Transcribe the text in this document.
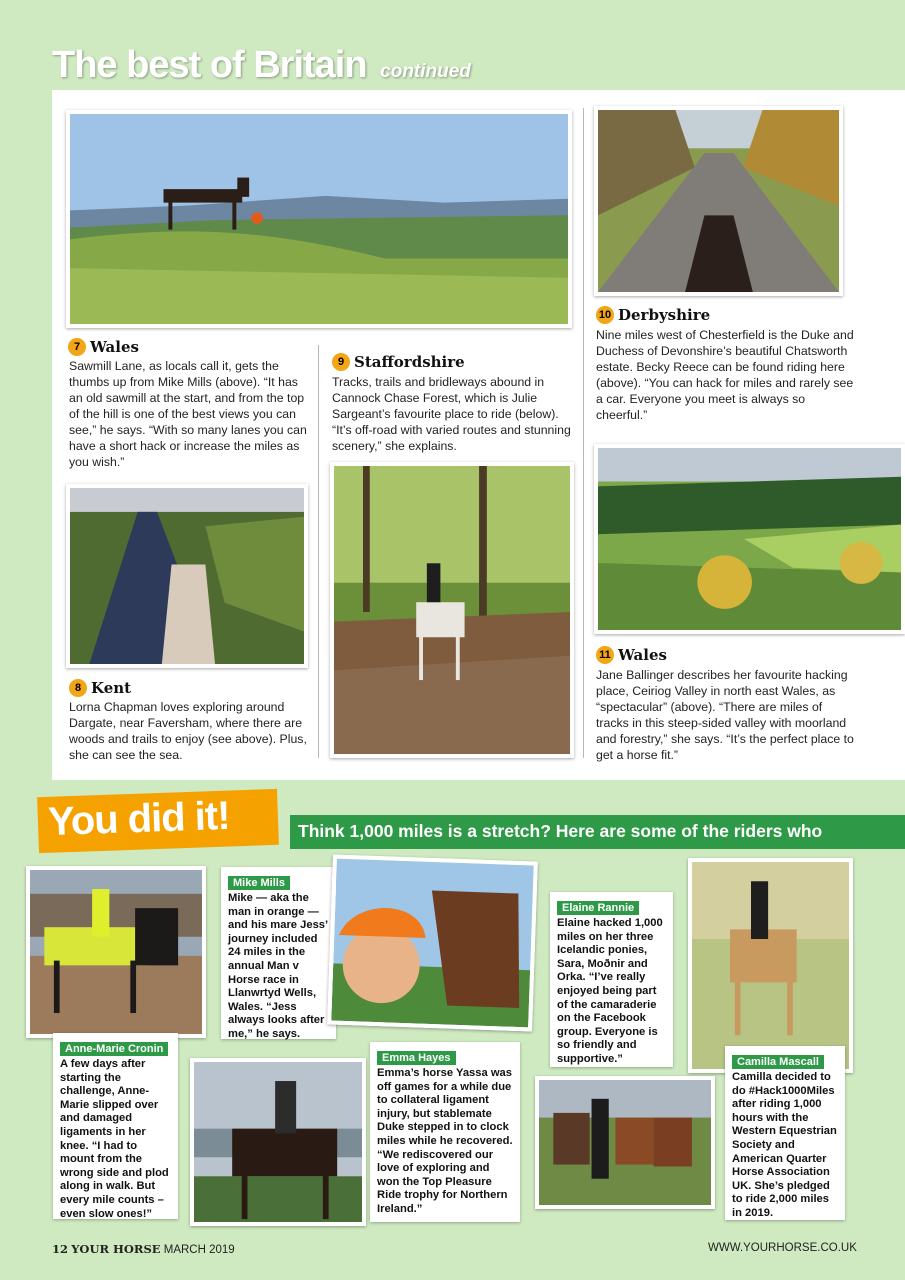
The best of Britain continued
7 Wales

Sawmill Lane, as locals call it, gets the thumbs up from Mike Mills (above). “It has an old sawmill at the start, and from the top of the hill is one of the best views you can see,” he says. “With so many lanes you can have a short hack or increase the miles as you wish.”

9 Staffordshire

Tracks, trails and bridleways abound in Cannock Chase Forest, which is Julie Sargeant’s favourite place to ride (below). “It’s off-road with varied routes and stunning scenery,” she explains.

10 Derbyshire

Nine miles west of Chesterfield is the Duke and Duchess of Devonshire’s beautiful Chatsworth estate. Becky Reece can be found riding here (above). “You can hack for miles and rarely see a car. Everyone you meet is always so cheerful.”

8 Kent

Lorna Chapman loves exploring around Dargate, near Faversham, where there are woods and trails to enjoy (see above). Plus, she can see the sea.

11 Wales

Jane Ballinger describes her favourite hacking place, Ceiriog Valley in north east Wales, as “spectacular” (above). “There are miles of tracks in this steep-sided valley with moorland and forestry,” she says. “It’s the perfect place to get a horse fit.”

You did it!	Think 1,000 miles is a stretch? Here are some of the riders who

Anne-Marie Cronin

A few days after starting the challenge, Anne-Marie slipped over and damaged ligaments in her knee. “I had to mount from the wrong side and plod along in walk. But every mile counts – even slow ones!”

Mike Mills

Mike — aka the man in orange — and his mare Jess’ journey included 24 miles in the annual Man v Horse race in Llanwrtyd Wells, Wales. “Jess always looks after me,” he says.

Emma Hayes

Emma’s horse Yassa was off games for a while due to collateral ligament injury, but stablemate Duke stepped in to clock miles while he recovered. “We rediscovered our love of exploring and won the Top Pleasure Ride trophy for Northern Ireland.”

Elaine Rannie

Elaine hacked 1,000 miles on her three Icelandic ponies, Sara, Moðnir and Orka. “I’ve really enjoyed being part of the camaraderie on the Facebook group. Everyone is so friendly and supportive.”	Camilla Mascall

Camilla decided to do #Hack1000Miles after riding 1,000 hours with the Western Equestrian Society and American Quarter Horse Association UK. She’s pledged to ride 2,000 miles in 2019.

12 YOUR HORSE MARCH 2019	WWW.YOURHORSE.CO.UK
